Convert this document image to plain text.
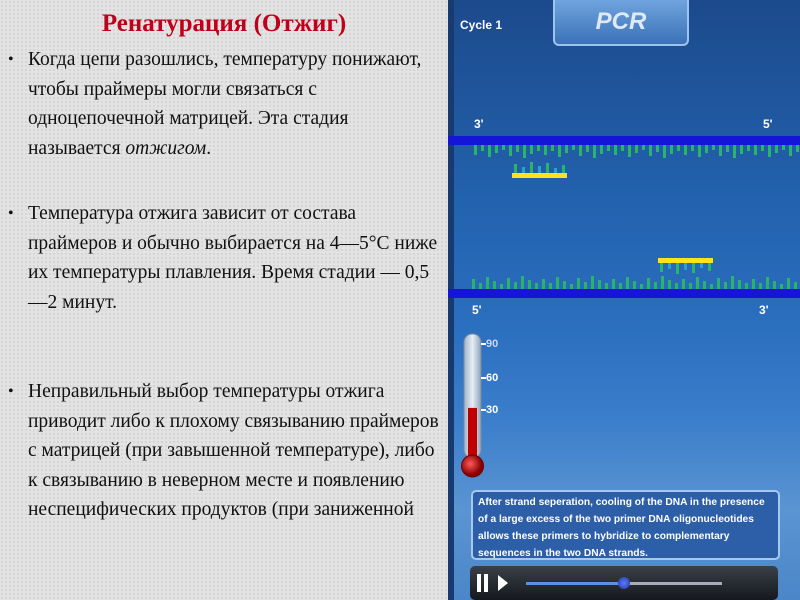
Ренатурация (Отжиг)
• Когда цепи разошлись, температуру понижают, чтобы праймеры могли связаться с одноцепочечной матрицей. Эта стадия называется отжигом.
• Температура отжига зависит от состава праймеров и обычно выбирается на 4—5°С ниже их температуры плавления. Время стадии — 0,5—2 минут.
• Неправильный выбор температуры отжига приводит либо к плохому связыванию праймеров с матрицей (при завышенной температуре), либо к связыванию в неверном месте и появлению неспецифических продуктов (при заниженной
Cycle 1	PCR
3'	5'
5'	3'
90
60
30
After strand seperation, cooling of the DNA in the presence of a large excess of the two primer DNA oligonucleotides allows these primers to hybridize to complementary sequences in the two DNA strands.
